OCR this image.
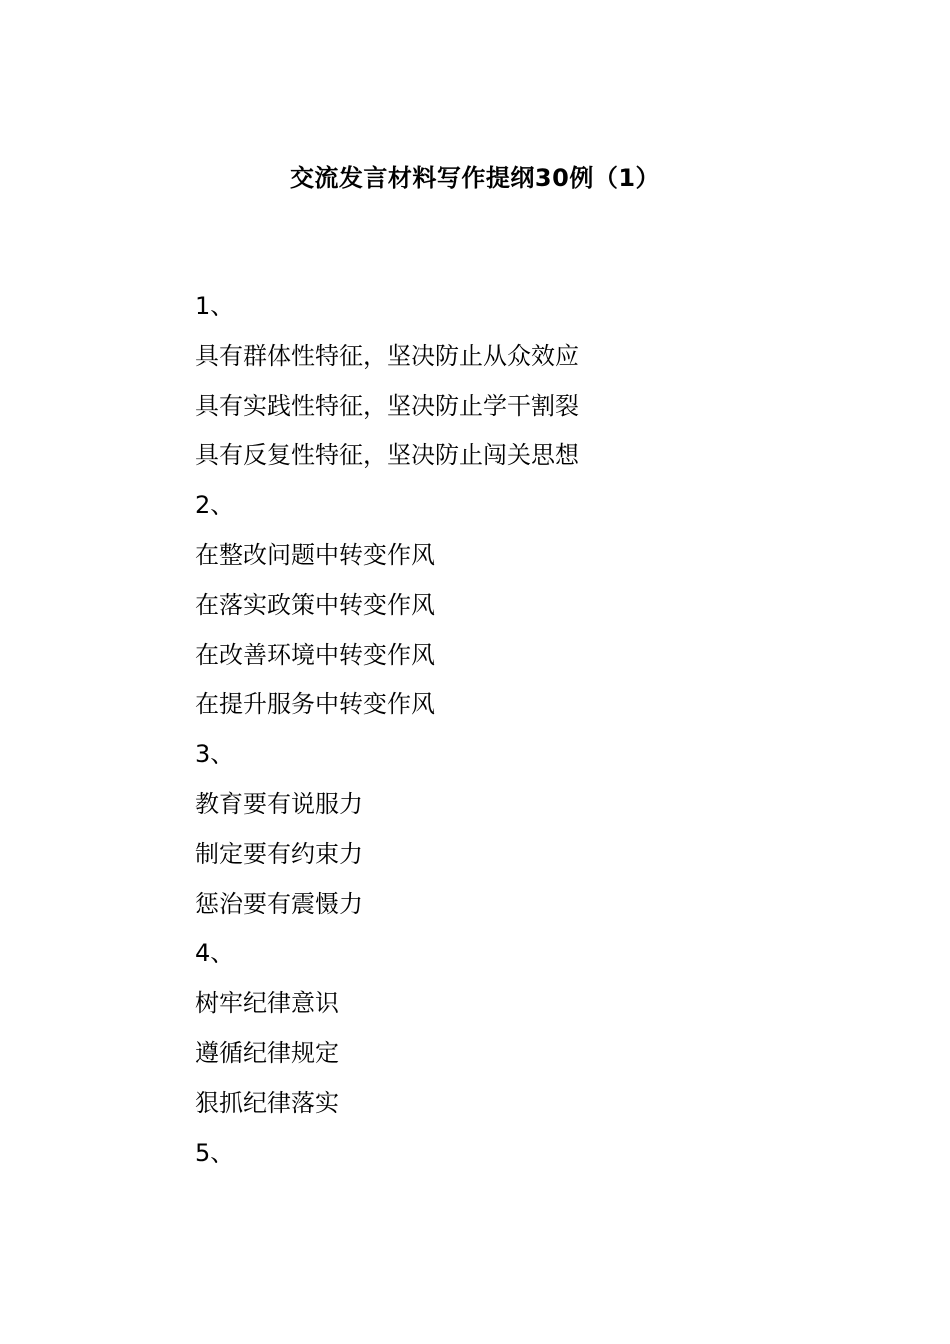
交流发言材料写作提纲30例（1）

1、

具有群体性特征，坚决防止从众效应

具有实践性特征，坚决防止学干割裂

具有反复性特征，坚决防止闯关思想

2、

在整改问题中转变作风

在落实政策中转变作风

在改善环境中转变作风

在提升服务中转变作风

3、

教育要有说服力

制定要有约束力

惩治要有震慑力

4、

树牢纪律意识

遵循纪律规定

狠抓纪律落实

5、
